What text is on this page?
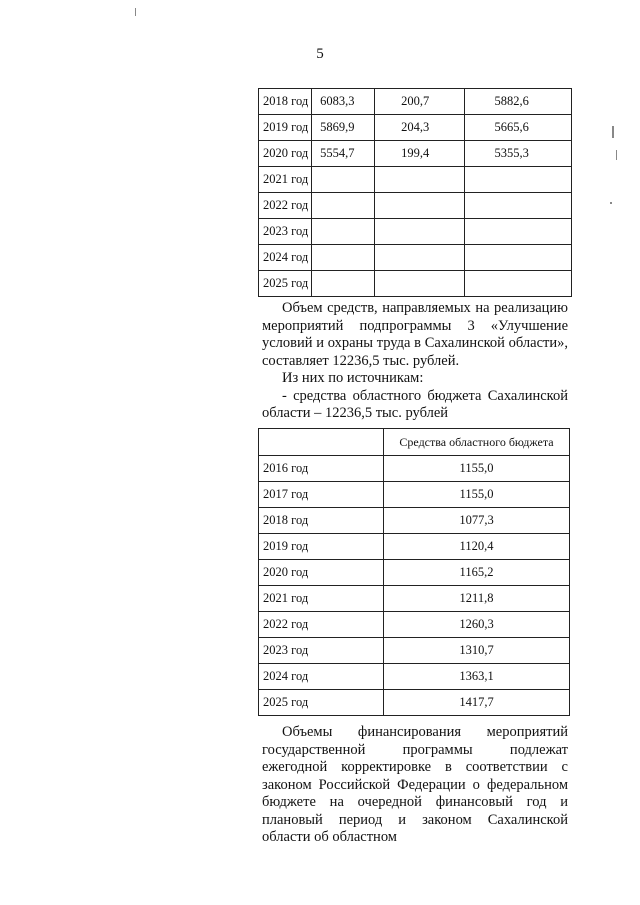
5
2018 год	6083,3	200,7	5882,6
2019 год	5869,9	204,3	5665,6
2020 год	5554,7	199,4	5355,3
2021 год			
2022 год			
2023 год			
2024 год			
2025 год			

Объем средств, направляемых на реализацию мероприятий подпрограммы 3 «Улучшение условий и охраны труда в Сахалинской области», составляет 12236,5 тыс. рублей.

Из них по источникам:

- средства областного бюджета Сахалинской области – 12236,5 тыс. рублей

	Средства областного бюджета
2016 год	1155,0
2017 год	1155,0
2018 год	1077,3
2019 год	1120,4
2020 год	1165,2
2021 год	1211,8
2022 год	1260,3
2023 год	1310,7
2024 год	1363,1
2025 год	1417,7

Объемы финансирования мероприятий государственной программы подлежат ежегодной корректировке в соответствии с законом Российской Федерации о федеральном бюджете на очередной финансовый год и плановый период и законом Сахалинской области об областном
